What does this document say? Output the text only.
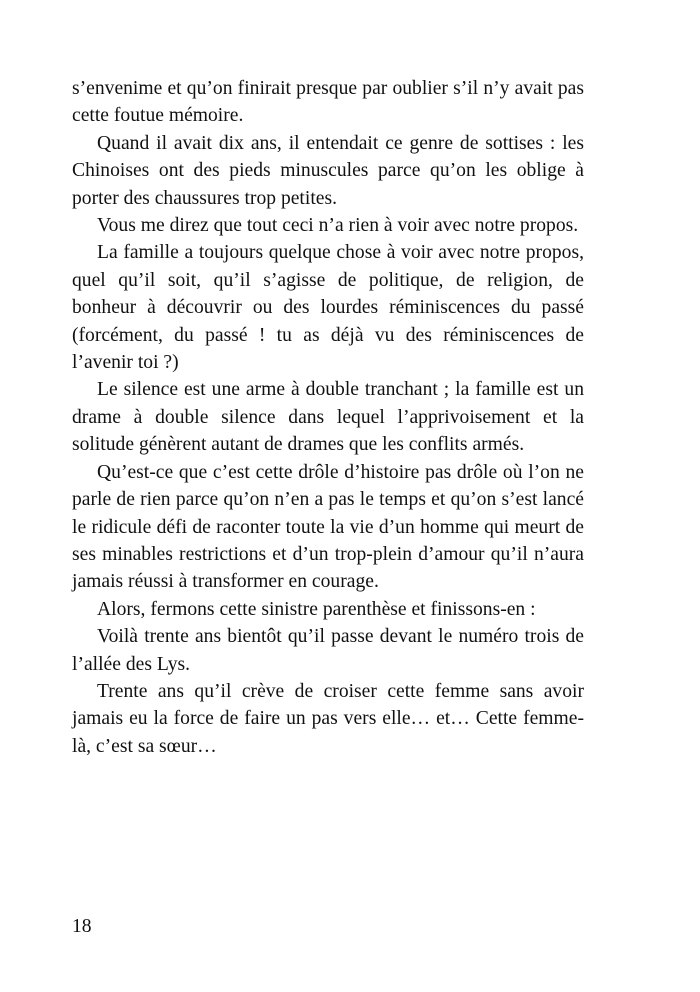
s’envenime et qu’on finirait presque par oublier s’il n’y avait pas cette foutue mémoire.

Quand il avait dix ans, il entendait ce genre de sottises : les Chinoises ont des pieds minuscules parce qu’on les oblige à porter des chaussures trop petites.

Vous me direz que tout ceci n’a rien à voir avec notre propos.

La famille a toujours quelque chose à voir avec notre propos, quel qu’il soit, qu’il s’agisse de politique, de religion, de bonheur à découvrir ou des lourdes réminiscences du passé (forcément, du passé ! tu as déjà vu des réminiscences de l’avenir toi ?)

Le silence est une arme à double tranchant ; la famille est un drame à double silence dans lequel l’apprivoisement et la solitude génèrent autant de drames que les conflits armés.

Qu’est-ce que c’est cette drôle d’histoire pas drôle où l’on ne parle de rien parce qu’on n’en a pas le temps et qu’on s’est lancé le ridicule défi de raconter toute la vie d’un homme qui meurt de ses minables restrictions et d’un trop-plein d’amour qu’il n’aura jamais réussi à transformer en courage.

Alors, fermons cette sinistre parenthèse et finissons-en :

Voilà trente ans bientôt qu’il passe devant le numéro trois de l’allée des Lys.

Trente ans qu’il crève de croiser cette femme sans avoir jamais eu la force de faire un pas vers elle… et… Cette femme-là, c’est sa sœur…

18
